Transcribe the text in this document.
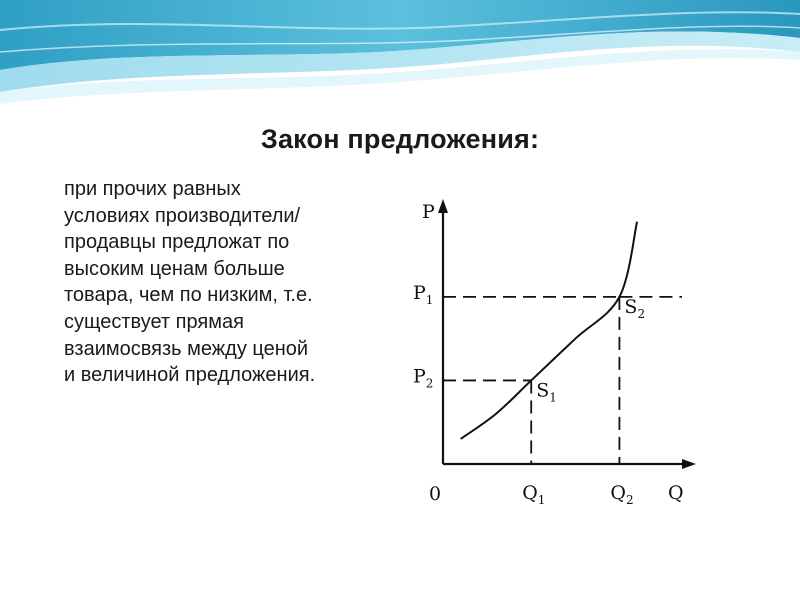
Закон предложения:
при прочих равных
условиях производители/
продавцы предложат по
высоким ценам больше
товара, чем по низким, т.е.
существует прямая
взаимосвязь между ценой
и величиной предложения.
P
Q
0
$P_1$
$P_2$
$Q_1$	$Q_2$
$S_1$
$S_2$
